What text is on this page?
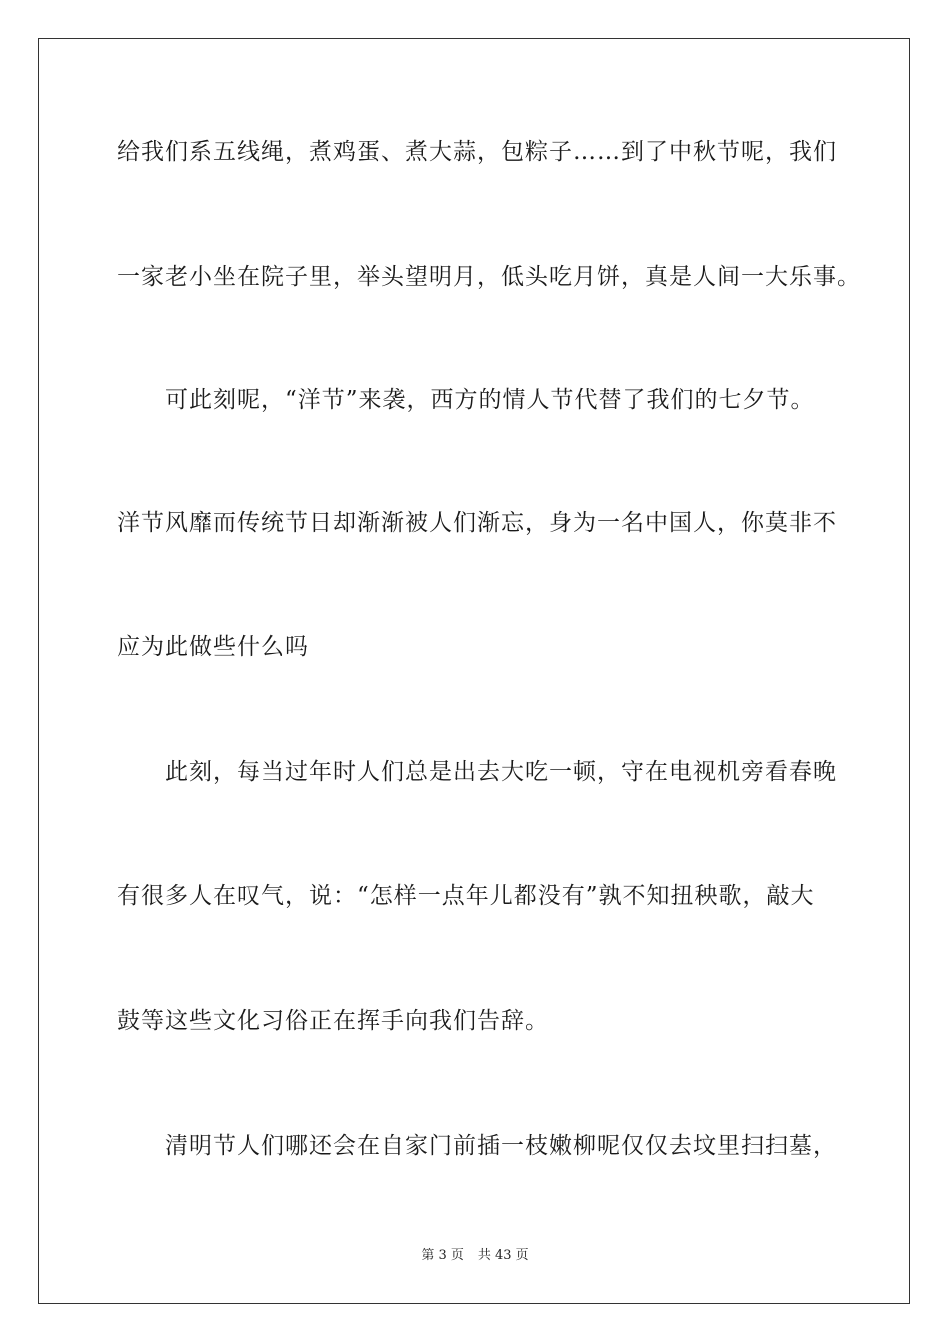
给我们系五线绳，煮鸡蛋、煮大蒜，包粽子……到了中秋节呢，我们
一家老小坐在院子里，举头望明月，低头吃月饼，真是人间一大乐事。
可此刻呢，“洋节”来袭，西方的情人节代替了我们的七夕节。
洋节风靡而传统节日却渐渐被人们渐忘，身为一名中国人，你莫非不
应为此做些什么吗
此刻，每当过年时人们总是出去大吃一顿，守在电视机旁看春晚
有很多人在叹气，说：“怎样一点年儿都没有”孰不知扭秧歌，敲大
鼓等这些文化习俗正在挥手向我们告辞。
清明节人们哪还会在自家门前插一枝嫩柳呢仅仅去坟里扫扫墓，
第 3 页 共 43 页
